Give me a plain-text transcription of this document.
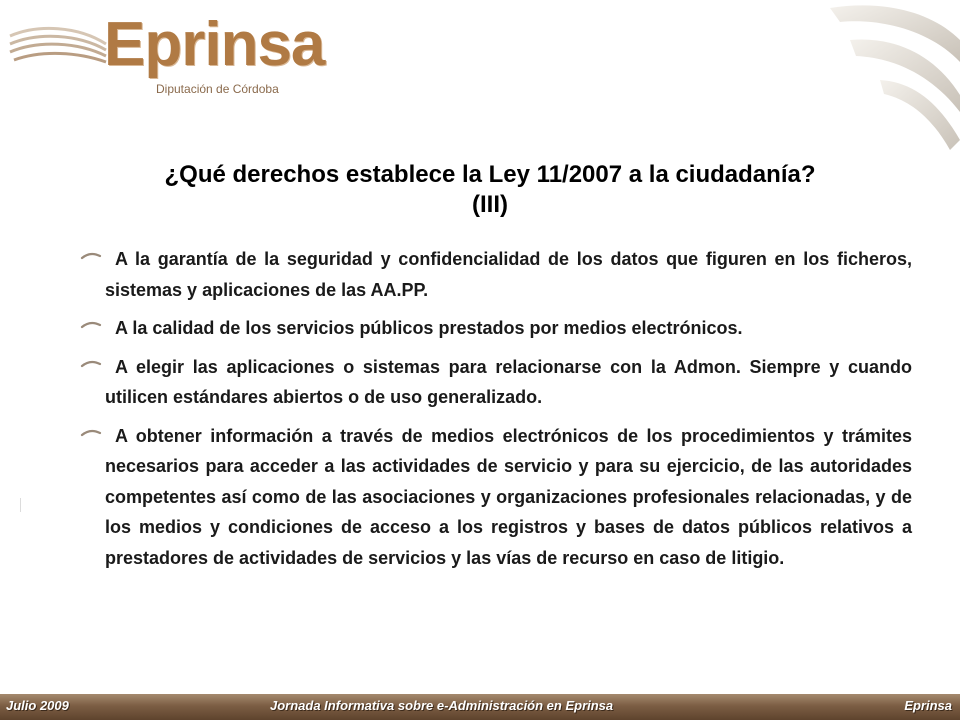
Eprinsa
Diputación de Córdoba
¿Qué derechos establece la Ley 11/2007 a la ciudadanía?
(III)

A la garantía de la seguridad y confidencialidad de los datos que figuren en los ficheros, sistemas y aplicaciones de las AA.PP.

A la calidad de los servicios públicos prestados por medios electrónicos.

A elegir las aplicaciones o sistemas para relacionarse con la Admon. Siempre y cuando utilicen estándares abiertos o de uso generalizado.

A obtener información a través de medios electrónicos de los procedimientos y trámites necesarios para acceder a las actividades de servicio y para su ejercicio, de las autoridades competentes así como de las asociaciones y organizaciones profesionales relacionadas, y de los medios y condiciones de acceso a los registros y bases de datos públicos relativos a prestadores de actividades de servicios y las vías de recurso en caso de litigio.

Julio 2009	Jornada Informativa sobre e-Administración en Eprinsa	Eprinsa
